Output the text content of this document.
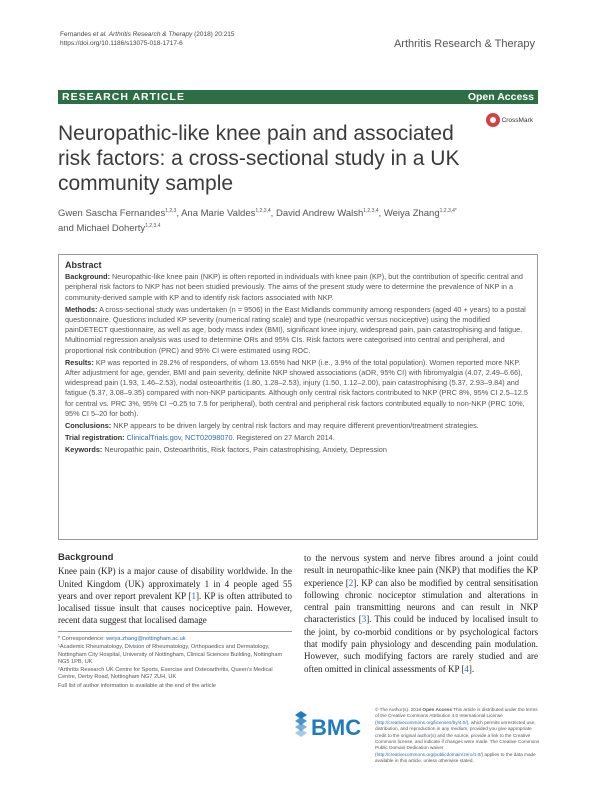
Fernandes et al. Arthritis Research & Therapy (2018) 20:215
https://doi.org/10.1186/s13075-018-1717-6	Arthritis Research & Therapy
RESEARCH ARTICLE	Open Access
CrossMark
Neuropathic-like knee pain and associated risk factors: a cross-sectional study in a UK community sample
Gwen Sascha Fernandes$^{1,2,3}$, Ana Marie Valdes$^{1,2,3,4}$, David Andrew Walsh$^{1,2,3,4}$, Weiya Zhang$^{1,2,3,4*}$
and Michael Doherty$^{1,2,3,4}$
Abstract

Background: Neuropathic-like knee pain (NKP) is often reported in individuals with knee pain (KP), but the contribution of specific central and peripheral risk factors to NKP has not been studied previously. The aims of the present study were to determine the prevalence of NKP in a community-derived sample with KP and to identify risk factors associated with NKP.

Methods: A cross-sectional study was undertaken (n = 9506) in the East Midlands community among responders (aged 40 + years) to a postal questionnaire. Questions included KP severity (numerical rating scale) and type (neuropathic versus nociceptive) using the modified painDETECT questionnaire, as well as age, body mass index (BMI), significant knee injury, widespread pain, pain catastrophising and fatigue. Multinomial regression analysis was used to determine ORs and 95% CIs. Risk factors were categorised into central and peripheral, and proportional risk contribution (PRC) and 95% CI were estimated using ROC.

Results: KP was reported in 28.2% of responders, of whom 13.65% had NKP (i.e., 3.9% of the total population). Women reported more NKP. After adjustment for age, gender, BMI and pain severity, definite NKP showed associations (aOR, 95% CI) with fibromyalgia (4.07, 2.49–6.66), widespread pain (1.93, 1.46–2.53), nodal osteoarthritis (1.80, 1.28–2.53), injury (1.50, 1.12–2.00), pain catastrophising (5.37, 2.93–9.84) and fatigue (5.37, 3.08–9.35) compared with non-NKP participants. Although only central risk factors contributed to NKP (PRC 8%, 95% CI 2.5–12.5 for central vs. PRC 3%, 95% CI −0.25 to 7.5 for peripheral), both central and peripheral risk factors contributed equally to non-NKP (PRC 10%, 95% CI 5–20 for both).

Conclusions: NKP appears to be driven largely by central risk factors and may require different prevention/treatment strategies.

Trial registration: ClinicalTrials.gov, NCT02098070. Registered on 27 March 2014.

Keywords: Neuropathic pain, Osteoarthritis, Risk factors, Pain catastrophising, Anxiety, Depression

Background

Knee pain (KP) is a major cause of disability worldwide. In the United Kingdom (UK) approximately 1 in 4 people aged 55 years and over report prevalent KP [1]. KP is often attributed to localised tissue insult that causes nociceptive pain. However, recent data suggest that localised damage

to the nervous system and nerve fibres around a joint could result in neuropathic-like knee pain (NKP) that modifies the KP experience [2]. KP can also be modified by central sensitisation following chronic nociceptor stimulation and alterations in central pain transmitting neurons and can result in NKP characteristics [3]. This could be induced by localised insult to the joint, by co-morbid conditions or by psychological factors that modify pain physiology and descending pain modulation. However, such modifying factors are rarely studied and are often omitted in clinical assessments of KP [4].

* Correspondence: weiya.zhang@nottingham.ac.uk

¹Academic Rheumatology, Division of Rheumatology, Orthopaedics and Dermatology, Nottingham City Hospital, University of Nottingham, Clinical Sciences Building, Nottingham NG5 1PB, UK

²Arthritis Research UK Centre for Sports, Exercise and Osteoarthritis, Queen's Medical Centre, Derby Road, Nottingham NG7 2UH, UK

Full list of author information is available at the end of the article

BMC
© The Author(s). 2018 Open Access This article is distributed under the terms of the Creative Commons Attribution 4.0 International License (http://creativecommons.org/licenses/by/4.0/), which permits unrestricted use, distribution, and reproduction in any medium, provided you give appropriate credit to the original author(s) and the source, provide a link to the Creative Commons license, and indicate if changes were made. The Creative Commons Public Domain Dedication waiver (http://creativecommons.org/publicdomain/zero/1.0/) applies to the data made available in this article, unless otherwise stated.
